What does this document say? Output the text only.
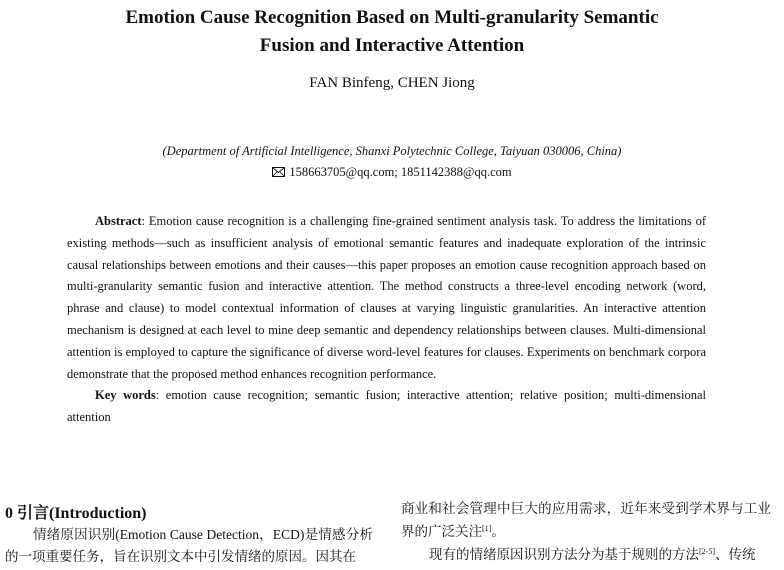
Emotion Cause Recognition Based on Multi-granularity Semantic
Fusion and Interactive Attention
FAN Binfeng, CHEN Jiong
(Department of Artificial Intelligence, Shanxi Polytechnic College, Taiyuan 030006, China)
158663705@qq.com; 1851142388@qq.com

Abstract: Emotion cause recognition is a challenging fine-grained sentiment analysis task. To address the limitations of existing methods—such as insufficient analysis of emotional semantic features and inadequate exploration of the intrinsic causal relationships between emotions and their causes—this paper proposes an emotion cause recognition approach based on multi-granularity semantic fusion and interactive attention. The method constructs a three-level encoding network (word, phrase and clause) to model contextual information of clauses at varying linguistic granularities. An interactive attention mechanism is designed at each level to mine deep semantic and dependency relationships between clauses. Multi-dimensional attention is employed to capture the significance of diverse word-level features for clauses. Experiments on benchmark corpora demonstrate that the proposed method enhances recognition performance.

Key words: emotion cause recognition; semantic fusion; interactive attention; relative position; multi-dimensional attention

0 引言(Introduction)

情绪原因识别(Emotion Cause Detection，ECD)是情感分析的一项重要任务，旨在识别文本中引发情绪的原因。因其在

商业和社会管理中巨大的应用需求，近年来受到学术界与工业界的广泛关注[1]。

现有的情绪原因识别方法分为基于规则的方法[2-5]、传统
